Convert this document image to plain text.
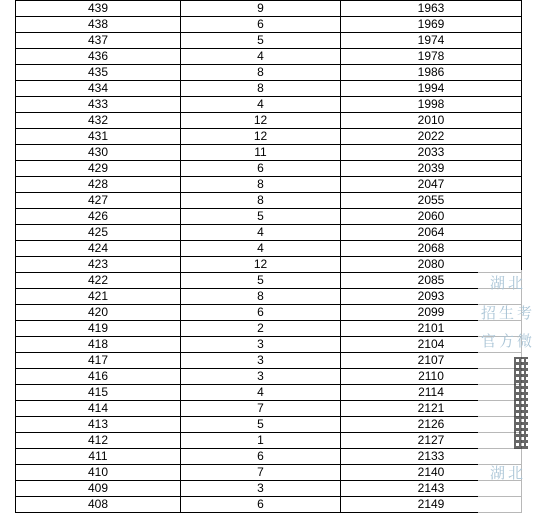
439	9	1963
438	6	1969
437	5	1974
436	4	1978
435	8	1986
434	8	1994
433	4	1998
432	12	2010
431	12	2022
430	11	2033
429	6	2039
428	8	2047
427	8	2055
426	5	2060
425	4	2064
424	4	2068
423	12	2080
422	5	2085
421	8	2093
420	6	2099
419	2	2101
418	3	2104
417	3	2107
416	3	2110
415	4	2114
414	7	2121
413	5	2126
412	1	2127
411	6	2133
410	7	2140
409	3	2143
408	6	2149
湖北
招生考
官方微
湖北
